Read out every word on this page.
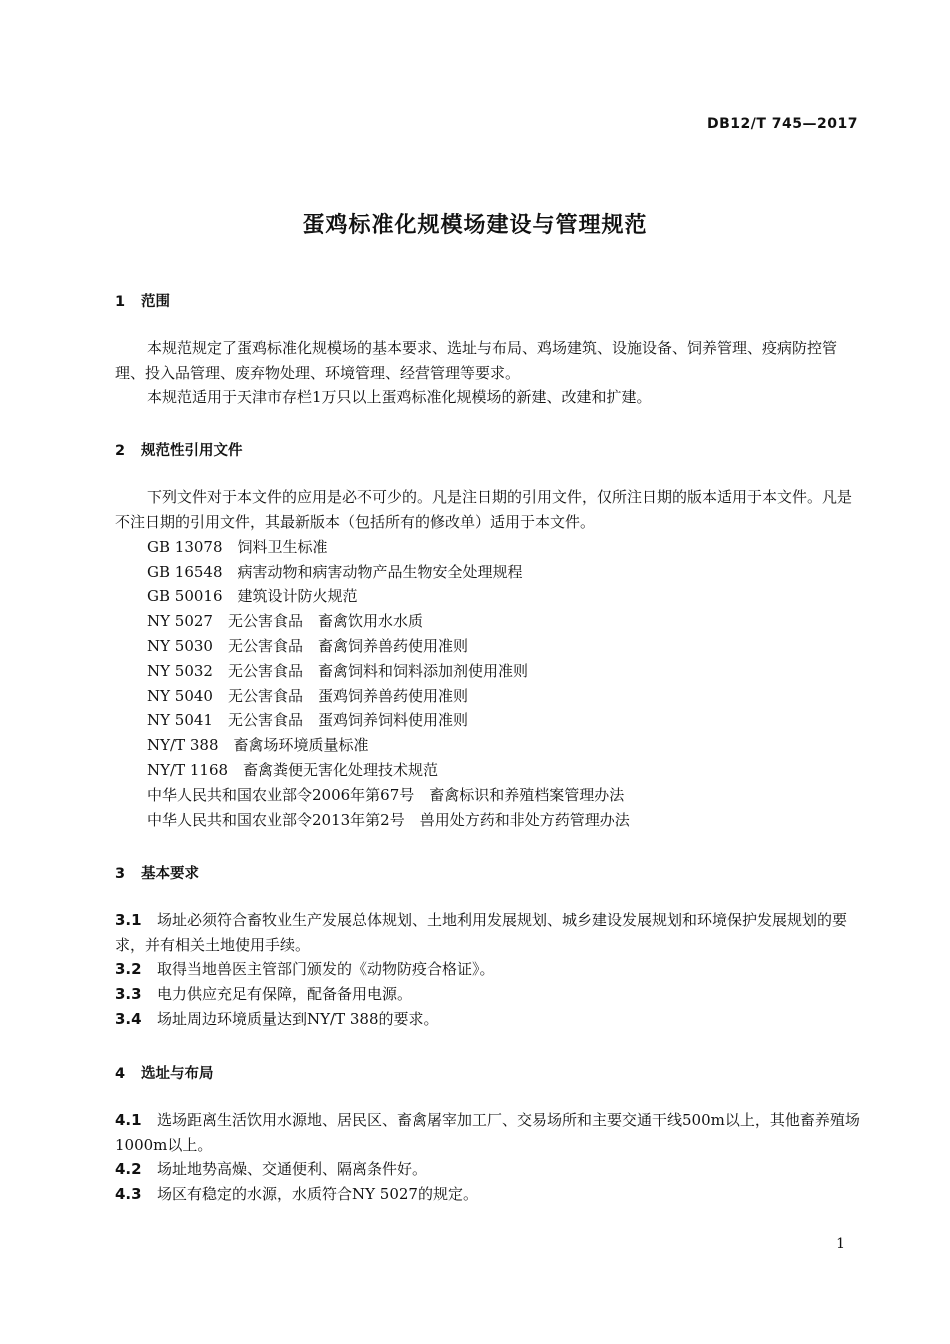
DB12/T 745—2017
蛋鸡标准化规模场建设与管理规范
1 范围
本规范规定了蛋鸡标准化规模场的基本要求、选址与布局、鸡场建筑、设施设备、饲养管理、疫病防控管理、投入品管理、废弃物处理、环境管理、经营管理等要求。
本规范适用于天津市存栏1万只以上蛋鸡标准化规模场的新建、改建和扩建。
2 规范性引用文件
下列文件对于本文件的应用是必不可少的。凡是注日期的引用文件，仅所注日期的版本适用于本文件。凡是不注日期的引用文件，其最新版本（包括所有的修改单）适用于本文件。
GB 13078　饲料卫生标准
GB 16548　病害动物和病害动物产品生物安全处理规程
GB 50016　建筑设计防火规范
NY 5027　无公害食品　畜禽饮用水水质
NY 5030　无公害食品　畜禽饲养兽药使用准则
NY 5032　无公害食品　畜禽饲料和饲料添加剂使用准则
NY 5040　无公害食品　蛋鸡饲养兽药使用准则
NY 5041　无公害食品　蛋鸡饲养饲料使用准则
NY/T 388　畜禽场环境质量标准
NY/T 1168　畜禽粪便无害化处理技术规范
中华人民共和国农业部令2006年第67号　畜禽标识和养殖档案管理办法
中华人民共和国农业部令2013年第2号　兽用处方药和非处方药管理办法
3 基本要求
3.1 场址必须符合畜牧业生产发展总体规划、土地利用发展规划、城乡建设发展规划和环境保护发展规划的要求，并有相关土地使用手续。
3.2 取得当地兽医主管部门颁发的《动物防疫合格证》。
3.3 电力供应充足有保障，配备备用电源。
3.4 场址周边环境质量达到NY/T 388的要求。
4 选址与布局
4.1 选场距离生活饮用水源地、居民区、畜禽屠宰加工厂、交易场所和主要交通干线500m以上，其他畜养殖场1000m以上。
4.2 场址地势高燥、交通便利、隔离条件好。
4.3 场区有稳定的水源，水质符合NY 5027的规定。
1
